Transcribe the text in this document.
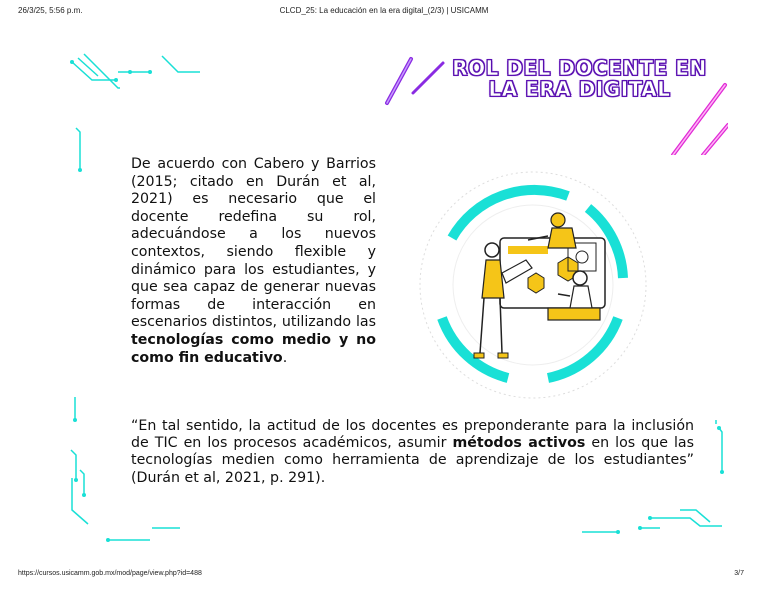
26/3/25, 5:56 p.m.	CLCD_25: La educación en la era digital_(2/3) | USICAMM
https://cursos.usicamm.gob.mx/mod/page/view.php?id=488	3/7
ROL DEL DOCENTE EN
LA ERA DIGITAL

De acuerdo con Cabero y Barrios (2015; citado en Durán et al, 2021) es necesario que el docente redefina su rol, adecuándose a los nuevos contextos, siendo flexible y dinámico para los estudiantes, y que sea capaz de generar nuevas formas de interacción en escenarios distintos, utilizando las tecnologías como medio y no como fin educativo.

“En tal sentido, la actitud de los docentes es preponderante para la inclusión de TIC en los procesos académicos, asumir métodos activos en los que las tecnologías medien como herramienta de aprendizaje de los estudiantes” (Durán et al, 2021, p. 291).
